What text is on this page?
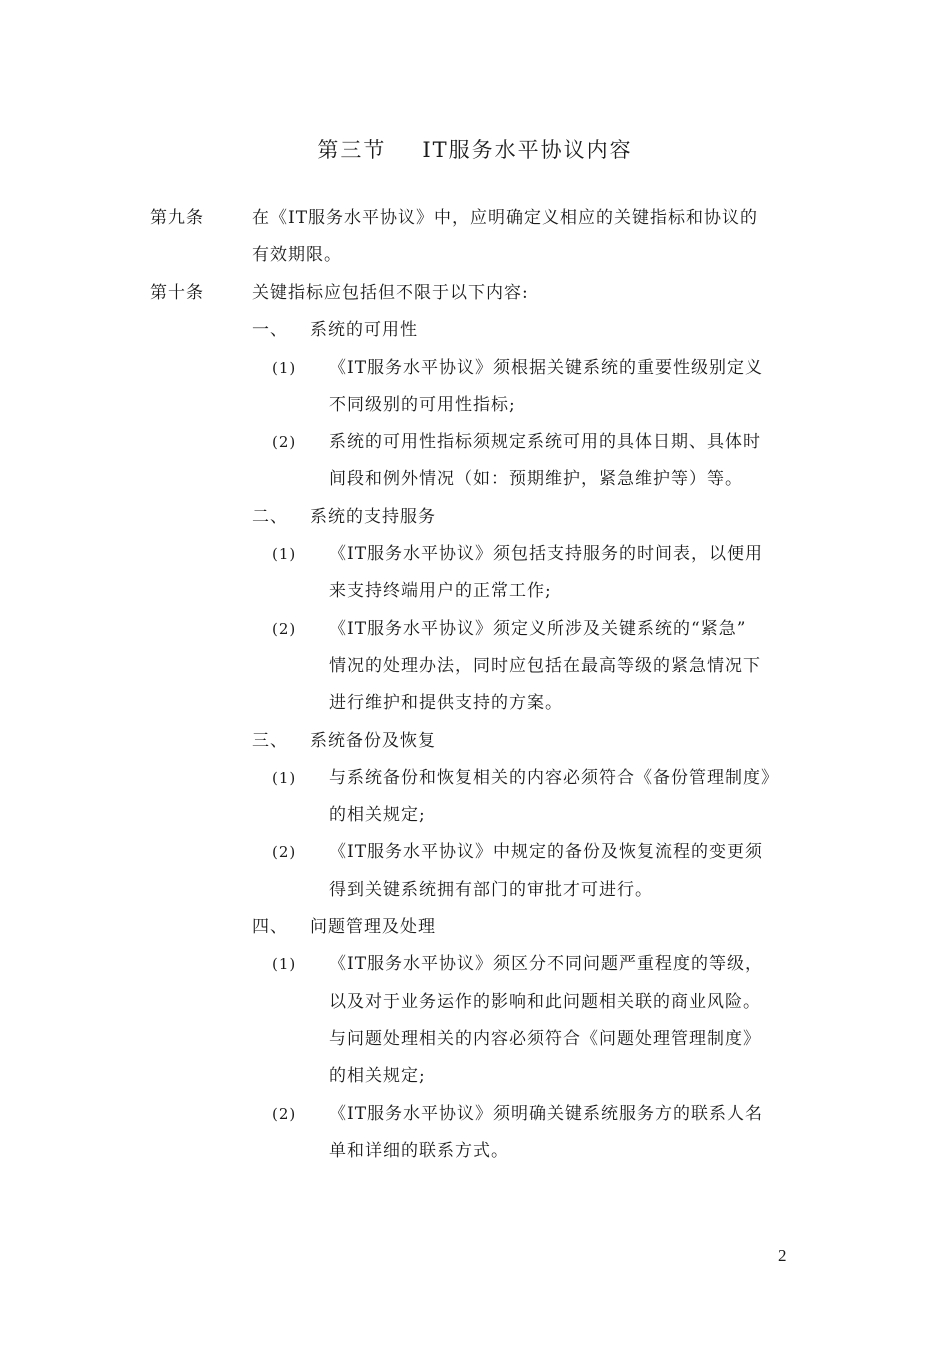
第三节 IT服务水平协议内容
第九条	在《IT服务水平协议》中，应明确定义相应的关键指标和协议的
有效期限。
第十条	关键指标应包括但不限于以下内容:
一、 系统的可用性
(1) 《IT服务水平协议》须根据关键系统的重要性级别定义
不同级别的可用性指标;
(2) 系统的可用性指标须规定系统可用的具体日期、具体时
间段和例外情况（如：预期维护，紧急维护等）等。
二、 系统的支持服务
(1) 《IT服务水平协议》须包括支持服务的时间表，以便用
来支持终端用户的正常工作;
(2) 《IT服务水平协议》须定义所涉及关键系统的“紧急”
情况的处理办法，同时应包括在最高等级的紧急情况下
进行维护和提供支持的方案。
三、 系统备份及恢复
(1) 与系统备份和恢复相关的内容必须符合《备份管理制度》
的相关规定;
(2) 《IT服务水平协议》中规定的备份及恢复流程的变更须
得到关键系统拥有部门的审批才可进行。
四、 问题管理及处理
(1) 《IT服务水平协议》须区分不同问题严重程度的等级，
以及对于业务运作的影响和此问题相关联的商业风险。
与问题处理相关的内容必须符合《问题处理管理制度》
的相关规定;
(2) 《IT服务水平协议》须明确关键系统服务方的联系人名
单和详细的联系方式。
2
